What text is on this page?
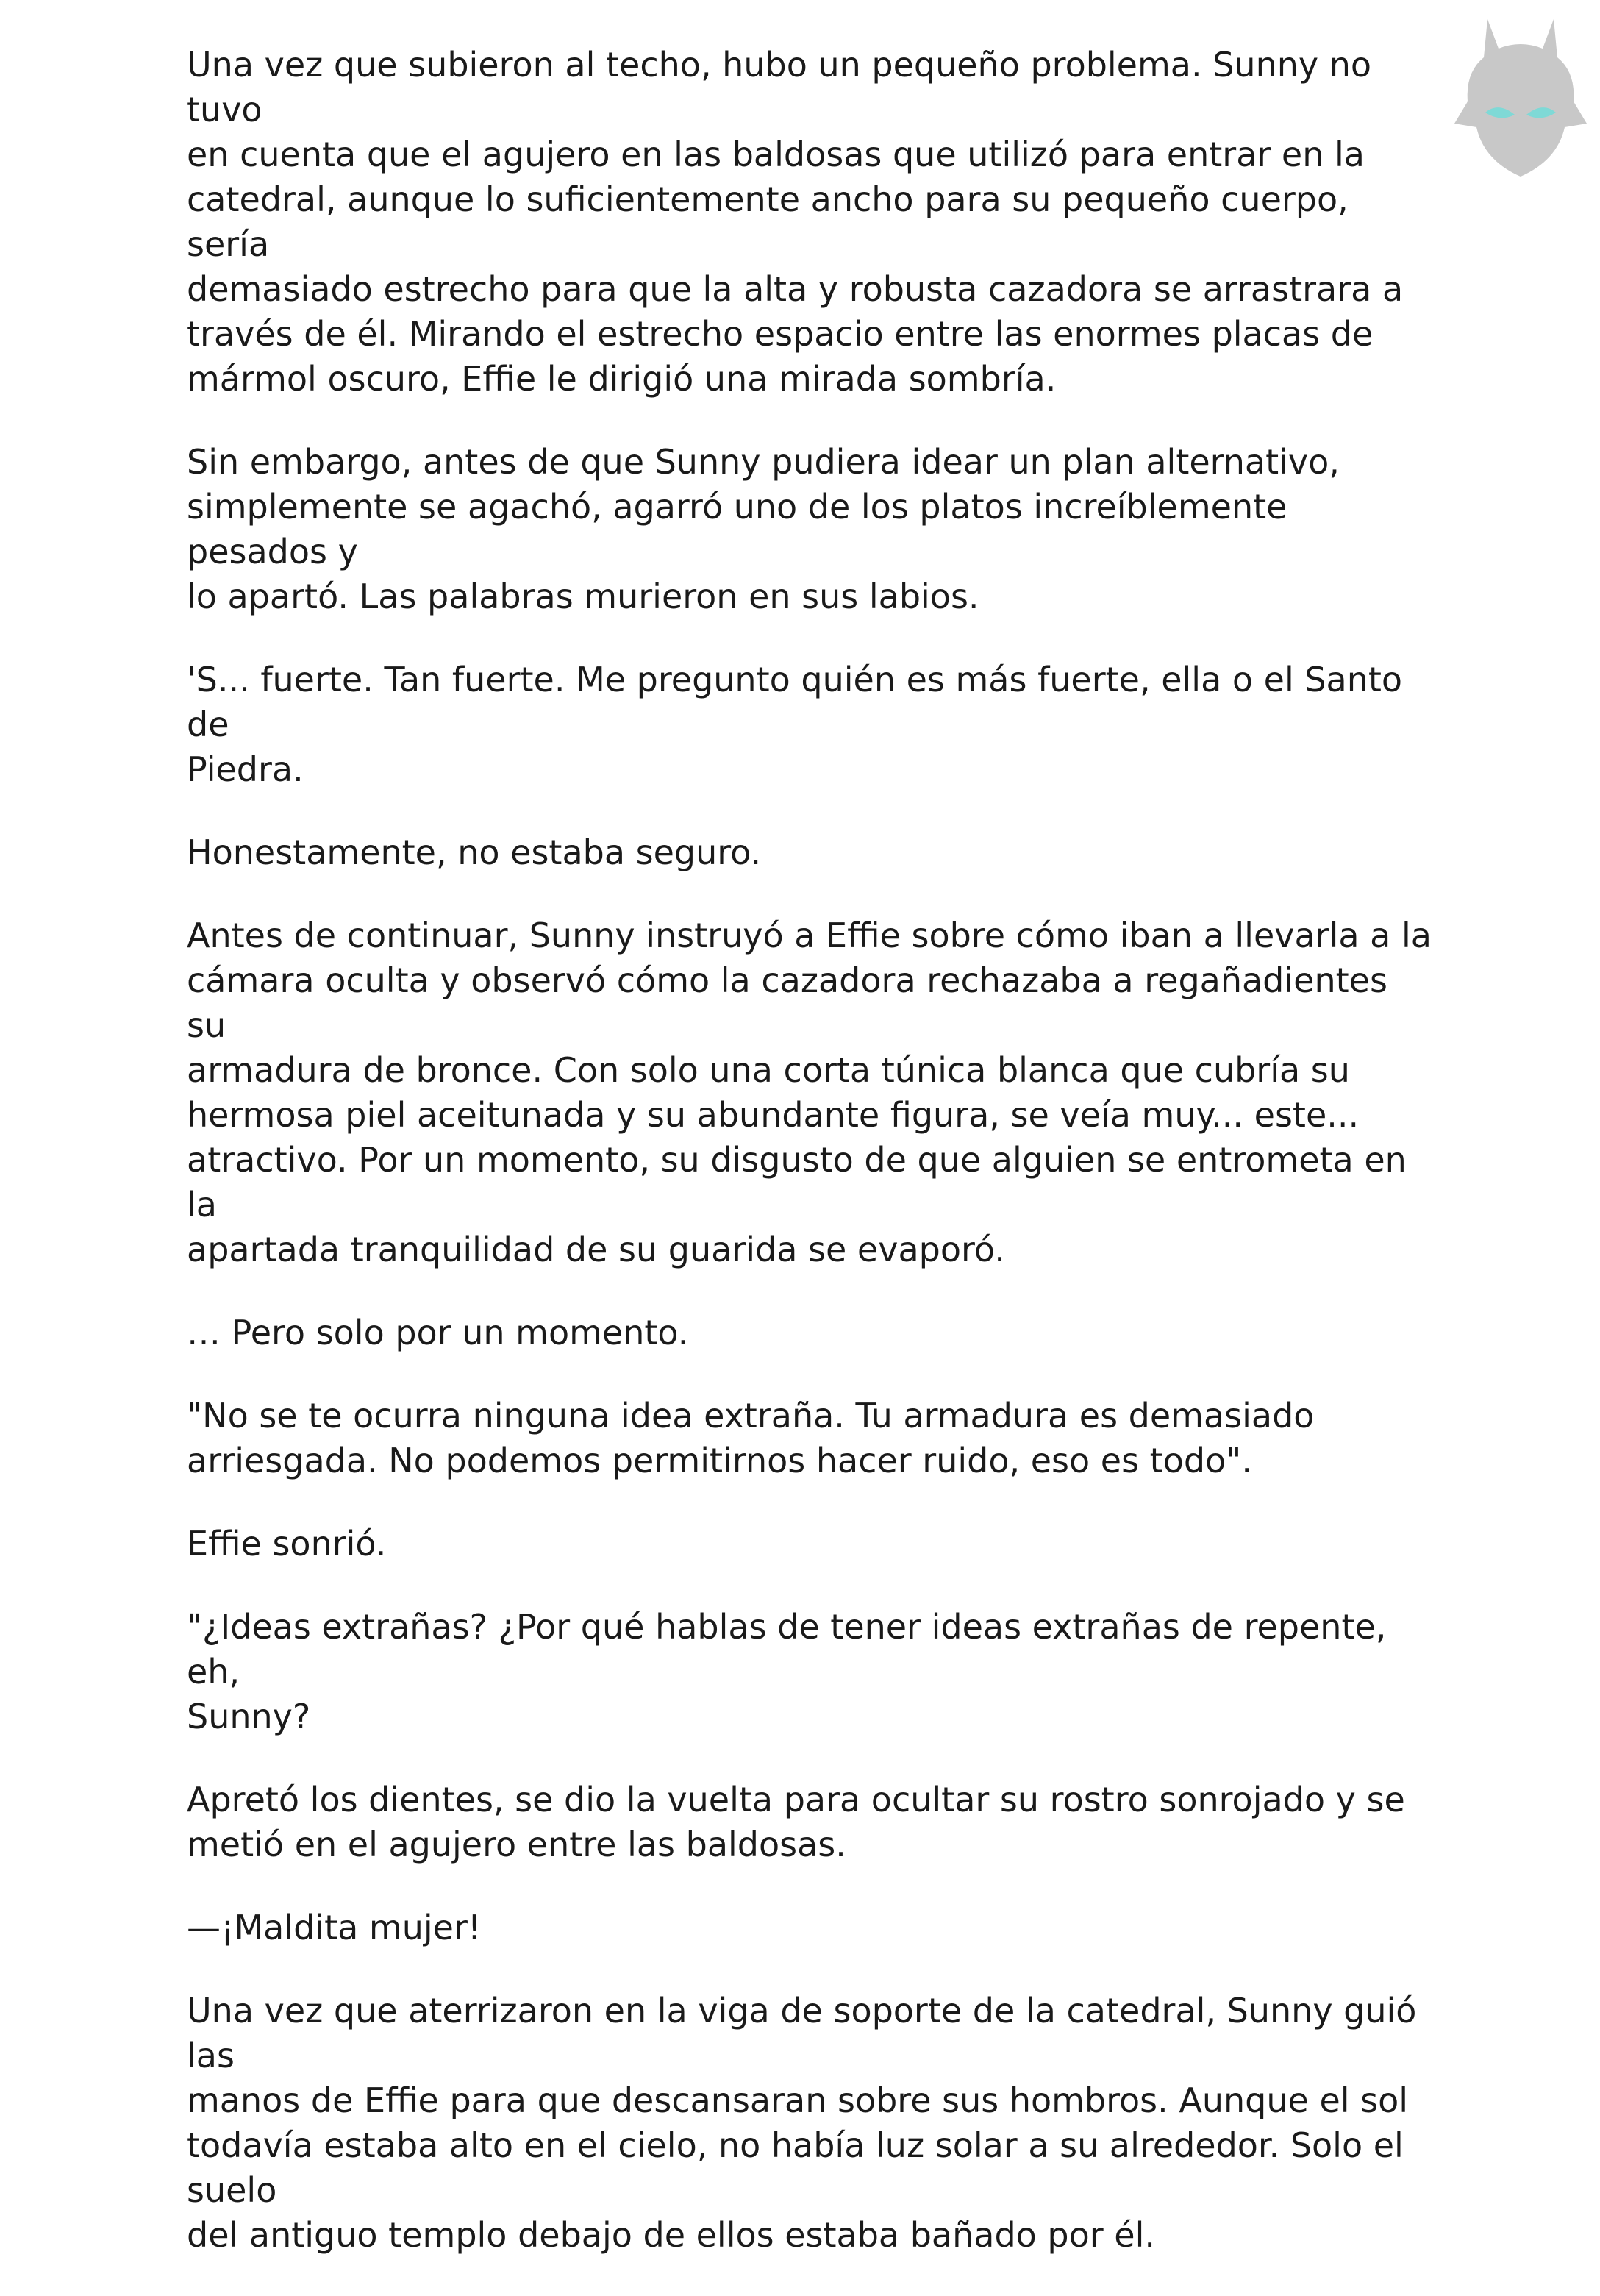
Una vez que subieron al techo, hubo un pequeño problema. Sunny no tuvo
en cuenta que el agujero en las baldosas que utilizó para entrar en la
catedral, aunque lo suficientemente ancho para su pequeño cuerpo, sería
demasiado estrecho para que la alta y robusta cazadora se arrastrara a
través de él. Mirando el estrecho espacio entre las enormes placas de
mármol oscuro, Effie le dirigió una mirada sombría.

Sin embargo, antes de que Sunny pudiera idear un plan alternativo,
simplemente se agachó, agarró uno de los platos increíblemente pesados y
lo apartó. Las palabras murieron en sus labios.

'S... fuerte. Tan fuerte. Me pregunto quién es más fuerte, ella o el Santo de
Piedra.

Honestamente, no estaba seguro.

Antes de continuar, Sunny instruyó a Effie sobre cómo iban a llevarla a la
cámara oculta y observó cómo la cazadora rechazaba a regañadientes su
armadura de bronce. Con solo una corta túnica blanca que cubría su
hermosa piel aceitunada y su abundante figura, se veía muy... este...
atractivo. Por un momento, su disgusto de que alguien se entrometa en la
apartada tranquilidad de su guarida se evaporó.

… Pero solo por un momento.

"No se te ocurra ninguna idea extraña. Tu armadura es demasiado
arriesgada. No podemos permitirnos hacer ruido, eso es todo".

Effie sonrió.

"¿Ideas extrañas? ¿Por qué hablas de tener ideas extrañas de repente, eh,
Sunny?

Apretó los dientes, se dio la vuelta para ocultar su rostro sonrojado y se
metió en el agujero entre las baldosas.

—¡Maldita mujer!

Una vez que aterrizaron en la viga de soporte de la catedral, Sunny guió las
manos de Effie para que descansaran sobre sus hombros. Aunque el sol
todavía estaba alto en el cielo, no había luz solar a su alrededor. Solo el suelo
del antiguo templo debajo de ellos estaba bañado por él.
